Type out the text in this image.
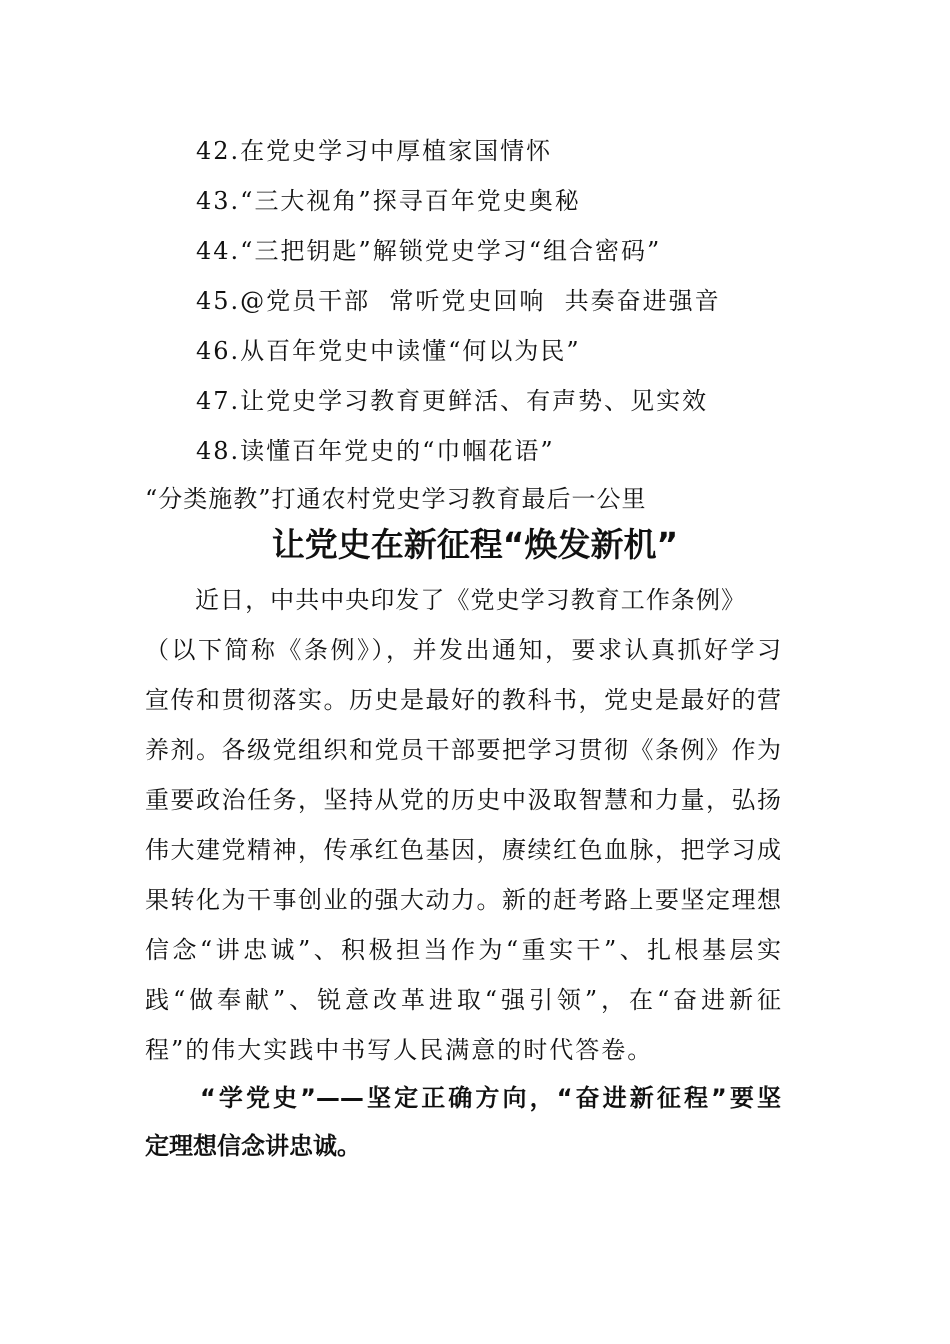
42.在党史学习中厚植家国情怀
43.“三大视角”探寻百年党史奥秘
44.“三把钥匙”解锁党史学习“组合密码”
45.@党员干部  常听党史回响  共奏奋进强音
46.从百年党史中读懂“何以为民”
47.让党史学习教育更鲜活、有声势、见实效
48.读懂百年党史的“巾帼花语”
“分类施教”打通农村党史学习教育最后一公里
让党史在新征程“焕发新机”
近日，中共中央印发了《党史学习教育工作条例》
（以下简称《条例》），并发出通知，要求认真抓好学习
宣传和贯彻落实。历史是最好的教科书，党史是最好的营
养剂。各级党组织和党员干部要把学习贯彻《条例》作为
重要政治任务，坚持从党的历史中汲取智慧和力量，弘扬
伟大建党精神，传承红色基因，赓续红色血脉，把学习成
果转化为干事创业的强大动力。新的赶考路上要坚定理想
信念“讲忠诚”、积极担当作为“重实干”、扎根基层实
践“做奉献”、锐意改革进取“强引领”，在“奋进新征
程”的伟大实践中书写人民满意的时代答卷。
“学党史”——坚定正确方向，“奋进新征程”要坚
定理想信念讲忠诚。
